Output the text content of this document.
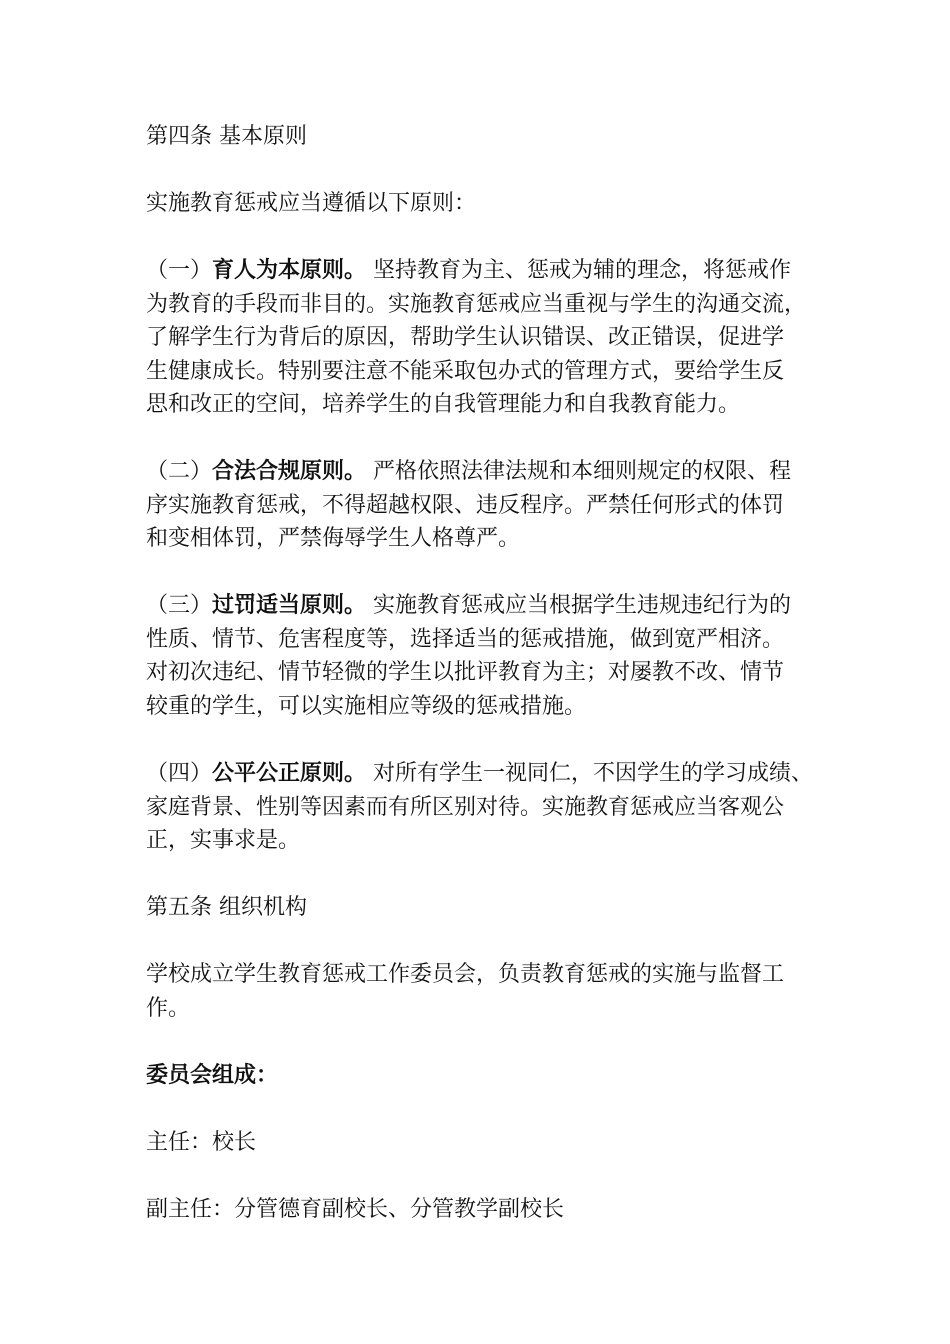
第四条 基本原则

实施教育惩戒应当遵循以下原则：

（一）育人为本原则。 坚持教育为主、惩戒为辅的理念，将惩戒作
为教育的手段而非目的。实施教育惩戒应当重视与学生的沟通交流，
了解学生行为背后的原因，帮助学生认识错误、改正错误，促进学
生健康成长。特别要注意不能采取包办式的管理方式，要给学生反
思和改正的空间，培养学生的自我管理能力和自我教育能力。
（二）合法合规原则。 严格依照法律法规和本细则规定的权限、程
序实施教育惩戒，不得超越权限、违反程序。严禁任何形式的体罚
和变相体罚，严禁侮辱学生人格尊严。
（三）过罚适当原则。 实施教育惩戒应当根据学生违规违纪行为的
性质、情节、危害程度等，选择适当的惩戒措施，做到宽严相济。
对初次违纪、情节轻微的学生以批评教育为主；对屡教不改、情节
较重的学生，可以实施相应等级的惩戒措施。
（四）公平公正原则。 对所有学生一视同仁，不因学生的学习成绩、
家庭背景、性别等因素而有所区别对待。实施教育惩戒应当客观公
正，实事求是。

第五条 组织机构

学校成立学生教育惩戒工作委员会，负责教育惩戒的实施与监督工
作。

委员会组成：

主任：校长

副主任：分管德育副校长、分管教学副校长
